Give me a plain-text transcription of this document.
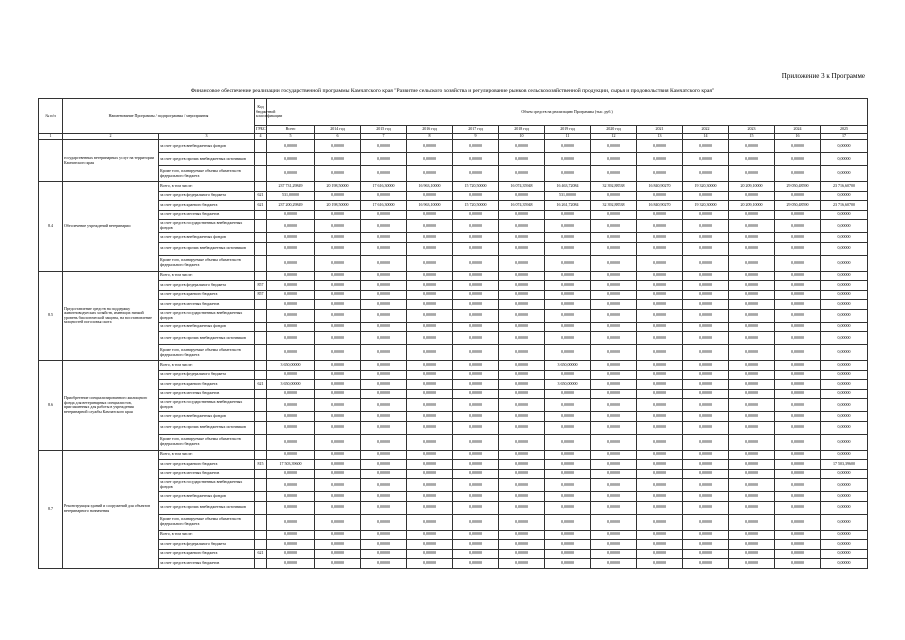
Приложение 3 к Программе
Финансовое обеспечение реализации государственной программы Камчатского края "Развитие сельского хозяйства и регулирование рынков сельскохозяйственной продукции, сырья и продовольствия Камчатского края"
№ п/п	Наименование Программы / подпрограммы / мероприятия		Код бюджетной классификации	Объем средств на реализацию Программы (тыс. руб.)												
			ГРБС	Всего	2014 год	2015 год	2016 год	2017 год	2018 год	2019 год	2020 год	2021	2022	2023	2024	2025
1	2	3	4	5	6	7	8	9	10	11	12	13	14	15	16	17
	государственных ветеринарных услуг на территории Камчатского края	за счет средств внебюджетных фондов		0,00000	0,00000	0,00000	0,00000	0,00000	0,00000	0,00000	0,00000	0,00000	0,00000	0,00000	0,00000	0,00000
		за счет средств прочих внебюджетных источников		0,00000	0,00000	0,00000	0,00000	0,00000	0,00000	0,00000	0,00000	0,00000	0,00000	0,00000	0,00000	0,00000
		Кроме того, планируемые объемы обязательств федерального бюджета		0,00000	0,00000	0,00000	0,00000	0,00000	0,00000	0,00000	0,00000	0,00000	0,00000	0,00000	0,00000	0,00000
8.4	Обеспечение учреждений ветеринарии	Всего, в том числе:		237 731,29849	20 198,50000	17 616,30000	16 963,10000	15 720,50000	16 074,35948	16 463,72084	32 392,88538	16 840,90270	19 320,30000	20 209,10000	29 050,48590	23 716,60700
		за счет средств федерального бюджета	621	531,00000	0,00000	0,00000	0,00000	0,00000	0,00000	531,00000	0,00000	0,00000	0,00000	0,00000	0,00000	0,00000
		за счет средств краевого бюджета	621	237 200,29849	20 198,50000	17 616,30000	16 963,10000	15 720,50000	16 074,35948	16 261,72084	32 392,88538	16 840,90270	19 320,30000	20 209,10000	29 050,48590	23 716,60700
		за счет средств местных бюджетов		0,00000	0,00000	0,00000	0,00000	0,00000	0,00000	0,00000	0,00000	0,00000	0,00000	0,00000	0,00000	0,00000
		за счет средств государственных внебюджетных фондов		0,00000	0,00000	0,00000	0,00000	0,00000	0,00000	0,00000	0,00000	0,00000	0,00000	0,00000	0,00000	0,00000
		за счет средств внебюджетных фондов		0,00000	0,00000	0,00000	0,00000	0,00000	0,00000	0,00000	0,00000	0,00000	0,00000	0,00000	0,00000	0,00000
		за счет средств прочих внебюджетных источников		0,00000	0,00000	0,00000	0,00000	0,00000	0,00000	0,00000	0,00000	0,00000	0,00000	0,00000	0,00000	0,00000
		Кроме того, планируемые объемы обязательств федерального бюджета		0,00000	0,00000	0,00000	0,00000	0,00000	0,00000	0,00000	0,00000	0,00000	0,00000	0,00000	0,00000	0,00000
8.5	Предоставление средств на поддержку животноводческих хозяйств, имеющих низкий уровень биологической защиты, на восстановление мощностей поголовья скота	Всего, в том числе:		0,00000	0,00000	0,00000	0,00000	0,00000	0,00000	0,00000	0,00000	0,00000	0,00000	0,00000	0,00000	0,00000
		за счет средств федерального бюджета	857	0,00000	0,00000	0,00000	0,00000	0,00000	0,00000	0,00000	0,00000	0,00000	0,00000	0,00000	0,00000	0,00000
		за счет средств краевого бюджета	857	0,00000	0,00000	0,00000	0,00000	0,00000	0,00000	0,00000	0,00000	0,00000	0,00000	0,00000	0,00000	0,00000
		за счет средств местных бюджетов		0,00000	0,00000	0,00000	0,00000	0,00000	0,00000	0,00000	0,00000	0,00000	0,00000	0,00000	0,00000	0,00000
		за счет средств государственных внебюджетных фондов		0,00000	0,00000	0,00000	0,00000	0,00000	0,00000	0,00000	0,00000	0,00000	0,00000	0,00000	0,00000	0,00000
		за счет средств внебюджетных фондов		0,00000	0,00000	0,00000	0,00000	0,00000	0,00000	0,00000	0,00000	0,00000	0,00000	0,00000	0,00000	0,00000
		за счет средств прочих внебюджетных источников		0,00000	0,00000	0,00000	0,00000	0,00000	0,00000	0,00000	0,00000	0,00000	0,00000	0,00000	0,00000	0,00000
		Кроме того, планируемые объемы обязательств федерального бюджета		0,00000	0,00000	0,00000	0,00000	0,00000	0,00000	0,00000	0,00000	0,00000	0,00000	0,00000	0,00000	0,00000
8.6	Приобретение специализированного жилищного фонда для ветеринарных специалистов, приглашенных для работы в учреждения ветеринарной службы Камчатского края	Всего, в том числе:		3 650,00000	0,00000	0,00000	0,00000	0,00000	0,00000	3 650,00000	0,00000	0,00000	0,00000	0,00000	0,00000	0,00000
		за счет средств федерального бюджета		0,00000	0,00000	0,00000	0,00000	0,00000	0,00000	0,00000	0,00000	0,00000	0,00000	0,00000	0,00000	0,00000
		за счет средств краевого бюджета	621	3 650,00000	0,00000	0,00000	0,00000	0,00000	0,00000	3 650,00000	0,00000	0,00000	0,00000	0,00000	0,00000	0,00000
		за счет средств местных бюджетов		0,00000	0,00000	0,00000	0,00000	0,00000	0,00000	0,00000	0,00000	0,00000	0,00000	0,00000	0,00000	0,00000
		за счет средств государственных внебюджетных фондов		0,00000	0,00000	0,00000	0,00000	0,00000	0,00000	0,00000	0,00000	0,00000	0,00000	0,00000	0,00000	0,00000
		за счет средств внебюджетных фондов		0,00000	0,00000	0,00000	0,00000	0,00000	0,00000	0,00000	0,00000	0,00000	0,00000	0,00000	0,00000	0,00000
		за счет средств прочих внебюджетных источников		0,00000	0,00000	0,00000	0,00000	0,00000	0,00000	0,00000	0,00000	0,00000	0,00000	0,00000	0,00000	0,00000
		Кроме того, планируемые объемы обязательств федерального бюджета		0,00000	0,00000	0,00000	0,00000	0,00000	0,00000	0,00000	0,00000	0,00000	0,00000	0,00000	0,00000	0,00000
8.7	Реконструкция зданий и сооружений для объектов ветеринарного назначения	Всего, в том числе:		0,00000	0,00000	0,00000	0,00000	0,00000	0,00000	0,00000	0,00000	0,00000	0,00000	0,00000	0,00000	0,00000
		за счет средств краевого бюджета	815	17 503,39600	0,00000	0,00000	0,00000	0,00000	0,00000	0,00000	0,00000	0,00000	0,00000	0,00000	0,00000	17 503,39600
		за счет средств местных бюджетов		0,00000	0,00000	0,00000	0,00000	0,00000	0,00000	0,00000	0,00000	0,00000	0,00000	0,00000	0,00000	0,00000
		за счет средств государственных внебюджетных фондов		0,00000	0,00000	0,00000	0,00000	0,00000	0,00000	0,00000	0,00000	0,00000	0,00000	0,00000	0,00000	0,00000
		за счет средств внебюджетных фондов		0,00000	0,00000	0,00000	0,00000	0,00000	0,00000	0,00000	0,00000	0,00000	0,00000	0,00000	0,00000	0,00000
		за счет средств прочих внебюджетных источников		0,00000	0,00000	0,00000	0,00000	0,00000	0,00000	0,00000	0,00000	0,00000	0,00000	0,00000	0,00000	0,00000
		Кроме того, планируемые объемы обязательств федерального бюджета		0,00000	0,00000	0,00000	0,00000	0,00000	0,00000	0,00000	0,00000	0,00000	0,00000	0,00000	0,00000	0,00000
		Всего, в том числе:		0,00000	0,00000	0,00000	0,00000	0,00000	0,00000	0,00000	0,00000	0,00000	0,00000	0,00000	0,00000	0,00000
		за счет средств федерального бюджета		0,00000	0,00000	0,00000	0,00000	0,00000	0,00000	0,00000	0,00000	0,00000	0,00000	0,00000	0,00000	0,00000
		за счет средств краевого бюджета	621	0,00000	0,00000	0,00000	0,00000	0,00000	0,00000	0,00000	0,00000	0,00000	0,00000	0,00000	0,00000	0,00000
		за счет средств местных бюджетов		0,00000	0,00000	0,00000	0,00000	0,00000	0,00000	0,00000	0,00000	0,00000	0,00000	0,00000	0,00000	0,00000
